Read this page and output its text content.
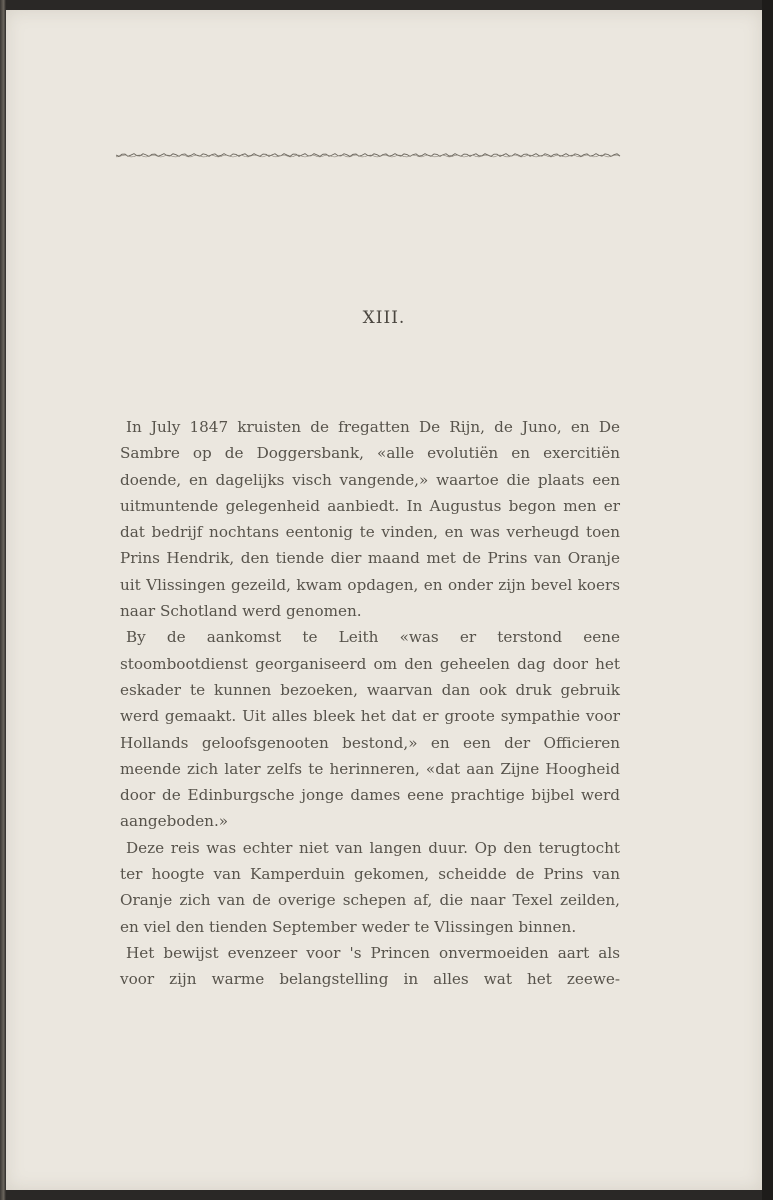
XIII.

In July 1847 kruisten de fregatten De Rijn, de Juno, en De Sambre op de Doggersbank, «alle evolutiën en exercitiën doende, en dagelijks visch vangende,» waartoe die plaats een uitmuntende gelegenheid aanbiedt. In Augustus begon men er dat bedrijf nochtans eentonig te vinden, en was verheugd toen Prins Hendrik, den tiende dier maand met de Prins van Oranje uit Vlissingen gezeild, kwam opdagen, en onder zijn bevel koers naar Schotland werd genomen.

By de aankomst te Leith «was er terstond eene stoombootdienst georganiseerd om den geheelen dag door het eskader te kunnen bezoeken, waarvan dan ook druk gebruik werd gemaakt. Uit alles bleek het dat er groote sympathie voor Hollands geloofsgenooten bestond,» en een der Officieren meende zich later zelfs te herinneren, «dat aan Zijne Hoogheid door de Edinburgsche jonge dames eene prachtige bijbel werd aangeboden.»

Deze reis was echter niet van langen duur. Op den terugtocht ter hoogte van Kamperduin gekomen, scheidde de Prins van Oranje zich van de overige schepen af, die naar Texel zeilden, en viel den tienden September weder te Vlissingen binnen.

Het bewijst evenzeer voor 's Princen onvermoeiden aart als voor zijn warme belangstelling in alles wat het zeewe-
